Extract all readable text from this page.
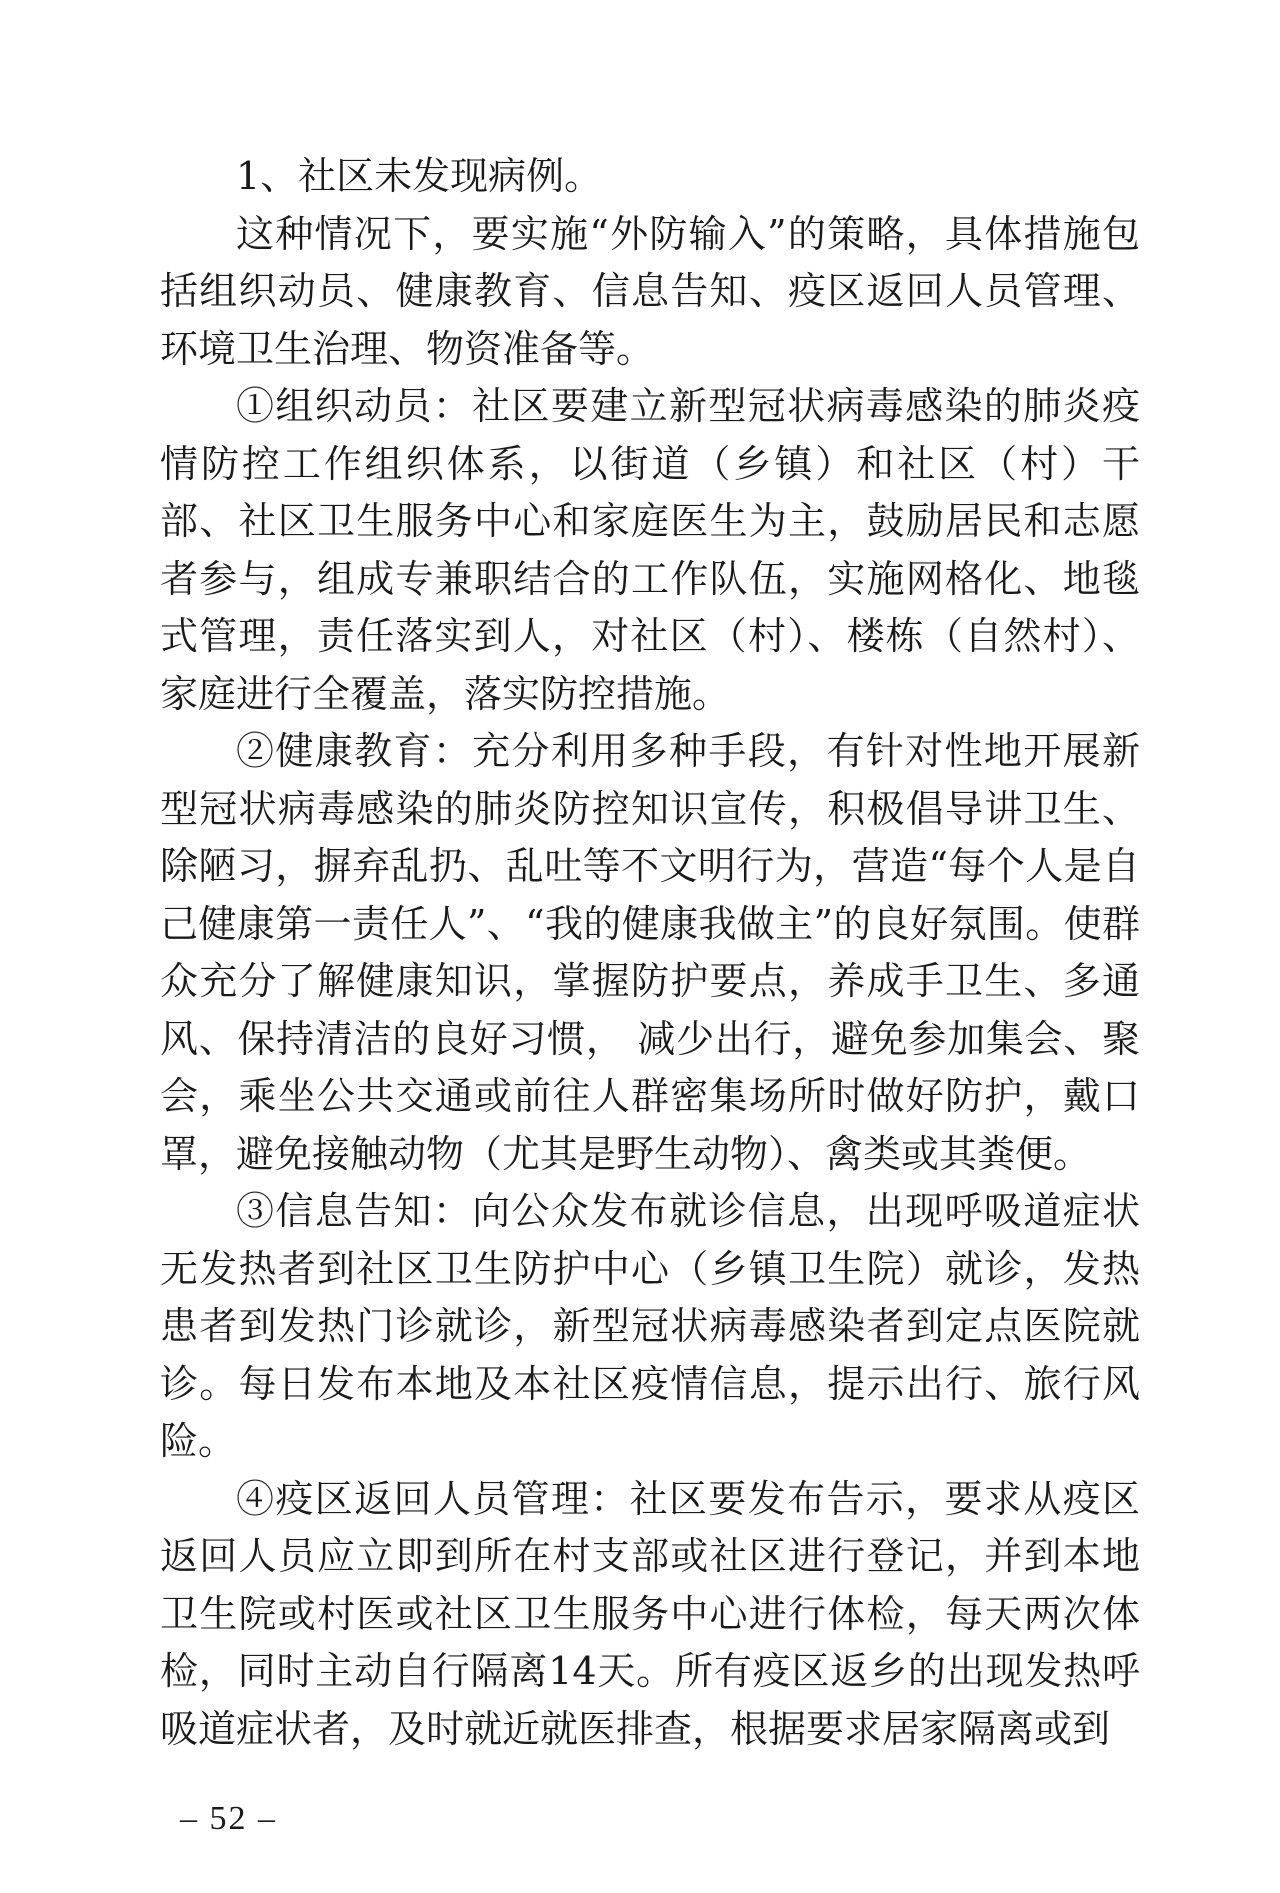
1、社区未发现病例。

这种情况下，要实施“外防输入”的策略，具体措施包括组织动员、健康教育、信息告知、疫区返回人员管理、环境卫生治理、物资准备等。

①组织动员：社区要建立新型冠状病毒感染的肺炎疫情防控工作组织体系，以街道（乡镇）和社区（村）干部、社区卫生服务中心和家庭医生为主，鼓励居民和志愿者参与，组成专兼职结合的工作队伍，实施网格化、地毯式管理，责任落实到人，对社区（村）、楼栋（自然村）、家庭进行全覆盖，落实防控措施。

②健康教育：充分利用多种手段，有针对性地开展新型冠状病毒感染的肺炎防控知识宣传，积极倡导讲卫生、除陋习，摒弃乱扔、乱吐等不文明行为，营造“每个人是自己健康第一责任人”、“我的健康我做主”的良好氛围。使群众充分了解健康知识，掌握防护要点，养成手卫生、多通风、保持清洁的良好习惯， 减少出行，避免参加集会、聚会，乘坐公共交通或前往人群密集场所时做好防护，戴口罩，避免接触动物（尤其是野生动物）、禽类或其粪便。

③信息告知：向公众发布就诊信息，出现呼吸道症状无发热者到社区卫生防护中心（乡镇卫生院）就诊，发热患者到发热门诊就诊，新型冠状病毒感染者到定点医院就诊。每日发布本地及本社区疫情信息，提示出行、旅行风险。

④疫区返回人员管理：社区要发布告示，要求从疫区返回人员应立即到所在村支部或社区进行登记，并到本地卫生院或村医或社区卫生服务中心进行体检，每天两次体检，同时主动自行隔离14天。所有疫区返乡的出现发热呼吸道症状者，及时就近就医排查，根据要求居家隔离或到

– 52 –
